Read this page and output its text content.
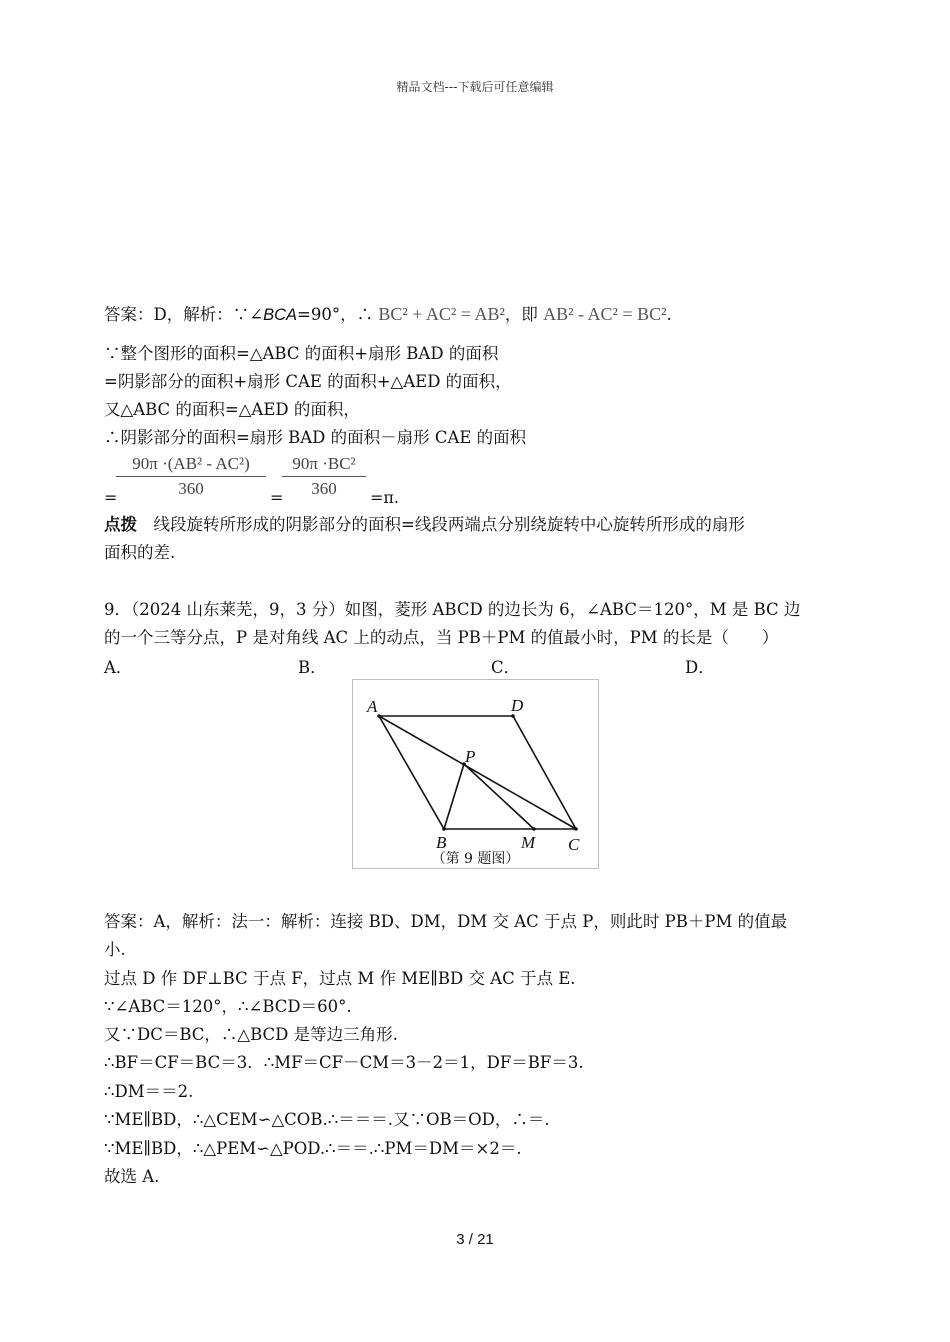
精品文档---下载后可任意编辑
答案：D，解析：∵∠BCA=90°，∴ BC² + AC² = AB²，即 AB² - AC² = BC².
∵整个图形的面积=△ABC 的面积+扇形 BAD 的面积
=阴影部分的面积+扇形 CAE 的面积+△AED 的面积，
又△ABC 的面积=△AED 的面积，
∴阴影部分的面积=扇形 BAD 的面积－扇形 CAE 的面积
=
90π ·(AB² - AC²)
360	=
90π ·BC²
360	=π.
点拨　线段旋转所形成的阴影部分的面积=线段两端点分别绕旋转中心旋转所形成的扇形
面积的差.
9．（2024 山东莱芜，9，3 分）如图，菱形 ABCD 的边长为 6，∠ABC＝120°，M 是 BC 边
的一个三等分点，P 是对角线 AC 上的动点，当 PB＋PM 的值最小时，PM 的长是（　　）
A．	B．	C．	D．
A	D
P
B	M C
（第 9 题图）
答案：A，解析：法一：解析：连接 BD、DM，DM 交 AC 于点 P，则此时 PB＋PM 的值最
小.
过点 D 作 DF⊥BC 于点 F，过点 M 作 ME∥BD 交 AC 于点 E.
∵∠ABC＝120°，∴∠BCD＝60°.
又∵DC＝BC，∴△BCD 是等边三角形.
∴BF＝CF＝BC＝3．∴MF＝CF－CM＝3－2＝1，DF＝BF＝3.
∴DM＝＝2.
∵ME∥BD，∴△CEM∽△COB.∴＝＝＝.又∵OB＝OD，∴＝.
∵ME∥BD，∴△PEM∽△POD.∴＝＝.∴PM＝DM＝×2＝.
故选 A.
3 / 21
